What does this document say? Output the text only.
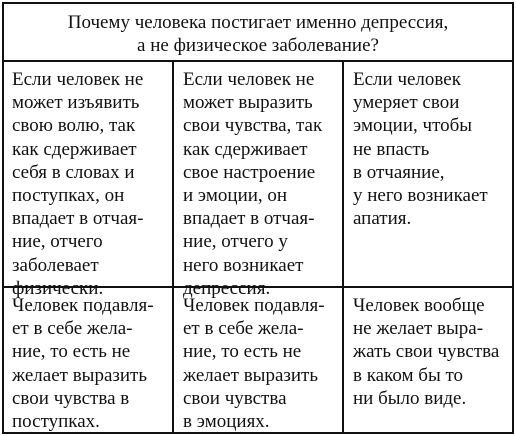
Почему человека постигает именно депрессия,
а не физическое заболевание?
Если человек не
может изъявить
свою волю, так
как сдерживает
себя в словах и
поступках, он
впадает в отчая-
ние, отчего
заболевает
физически.
Если человек не
может выразить
свои чувства, так
как сдерживает
свое настроение
и эмоции, он
впадает в отчая-
ние, отчего у
него возникает
депрессия.
Если человек
умеряет свои
эмоции, чтобы
не впасть
в отчаяние,
у него возникает
апатия.
Человек подавля-
ет в себе жела-
ние, то есть не
желает выразить
свои чувства в
поступках.
Человек подавля-
ет в себе жела-
ние, то есть не
желает выразить
свои чувства
в эмоциях.
Человек вообще
не желает выра-
жать свои чувства
в каком бы то
ни было виде.
